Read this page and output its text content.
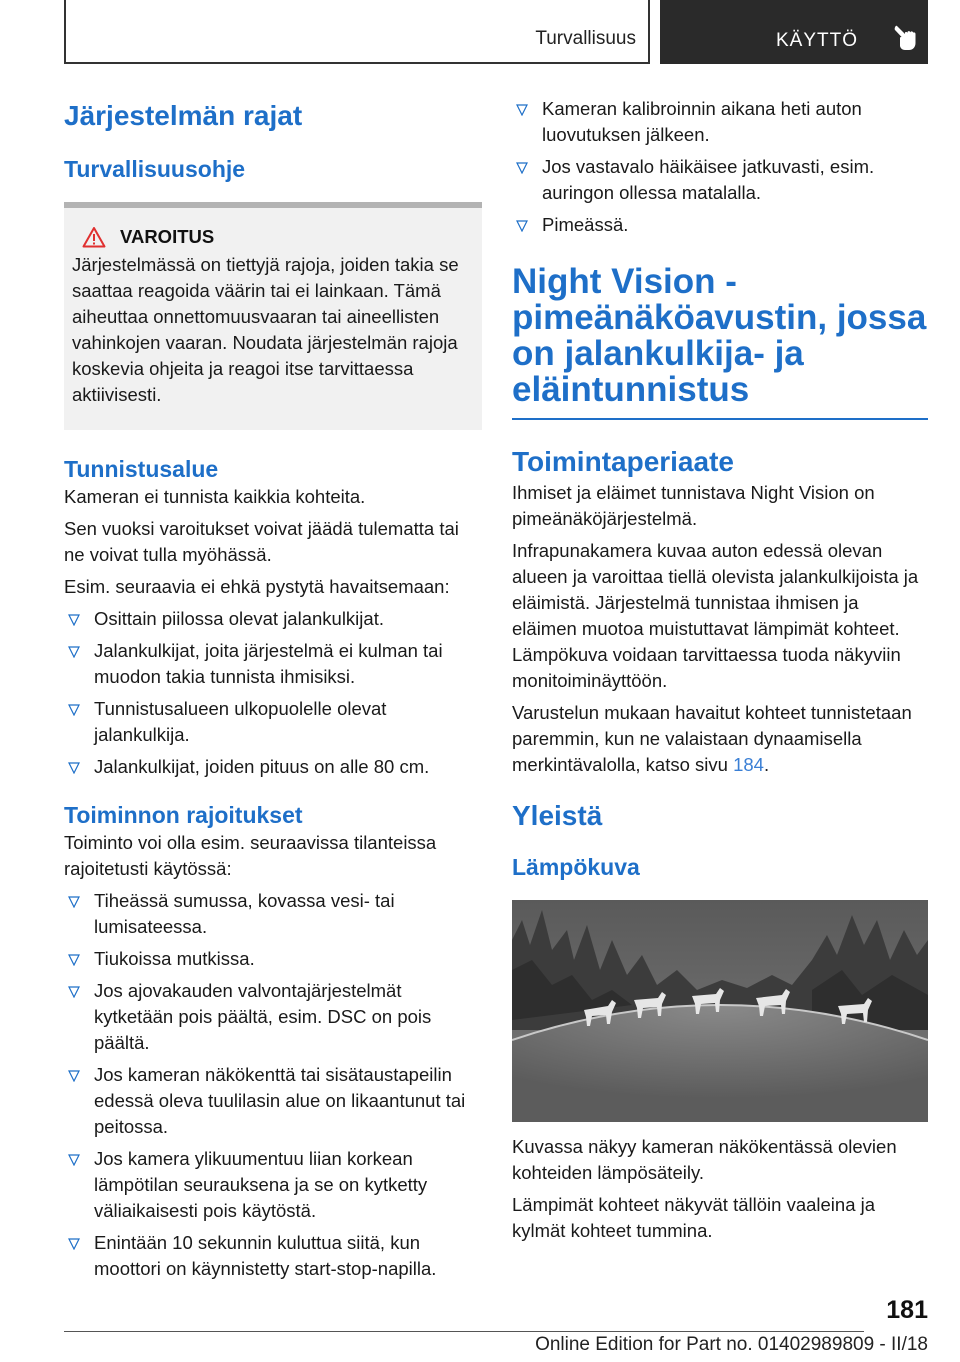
Turvallisuus	KÄYTTÖ
Järjestelmän rajat
Turvallisuusohje
VAROITUS
Järjestelmässä on tiettyjä rajoja, joiden takia se saattaa reagoida väärin tai ei lainkaan. Tämä aiheuttaa onnettomuusvaaran tai aineellisten vahinkojen vaaran. Noudata järjestelmän rajoja koskevia ohjeita ja reagoi itse tarvittaessa aktiivisesti.
Tunnistusalue
Kameran ei tunnista kaikkia kohteita.
Sen vuoksi varoitukset voivat jäädä tulematta tai ne voivat tulla myöhässä.
Esim. seuraavia ei ehkä pystytä havaitsemaan:
Osittain piilossa olevat jalankulkijat.
Jalankulkijat, joita järjestelmä ei kulman tai muodon takia tunnista ihmisiksi.
Tunnistusalueen ulkopuolelle olevat jalankulkija.
Jalankulkijat, joiden pituus on alle 80 cm.
Toiminnon rajoitukset
Toiminto voi olla esim. seuraavissa tilanteissa rajoitetusti käytössä:
Tiheässä sumussa, kovassa vesi- tai lumisateessa.
Tiukoissa mutkissa.
Jos ajovakauden valvontajärjestelmät kytketään pois päältä, esim. DSC on pois päältä.
Jos kameran näkökenttä tai sisätaustapeilin edessä oleva tuulilasin alue on likaantunut tai peitossa.
Jos kamera ylikuumentuu liian korkean lämpötilan seurauksena ja se on kytketty väliaikaisesti pois käytöstä.
Enintään 10 sekunnin kuluttua siitä, kun moottori on käynnistetty start-stop-napilla.
Kameran kalibroinnin aikana heti auton luovutuksen jälkeen.
Jos vastavalo häikäisee jatkuvasti, esim. auringon ollessa matalalla.
Pimeässä.
Night Vision - pimeänäköavustin, jossa on jalankulkija- ja eläintunnistus
Toimintaperiaate
Ihmiset ja eläimet tunnistava Night Vision on pimeänäköjärjestelmä.
Infrapunakamera kuvaa auton edessä olevan alueen ja varoittaa tiellä olevista jalankulkijoista ja eläimistä. Järjestelmä tunnistaa ihmisen ja eläimen muotoa muistuttavat lämpimät kohteet. Lämpökuva voidaan tarvittaessa tuoda näkyviin monitoiminäyttöön.
Varustelun mukaan havaitut kohteet tunnistetaan paremmin, kun ne valaistaan dynaamisella merkintävalolla, katso sivu 184.
Yleistä
Lämpökuva
Kuvassa näkyy kameran näkökentässä olevien kohteiden lämpösäteily.
Lämpimät kohteet näkyvät tällöin vaaleina ja kylmät kohteet tummina.
181
Online Edition for Part no. 01402989809 - II/18
